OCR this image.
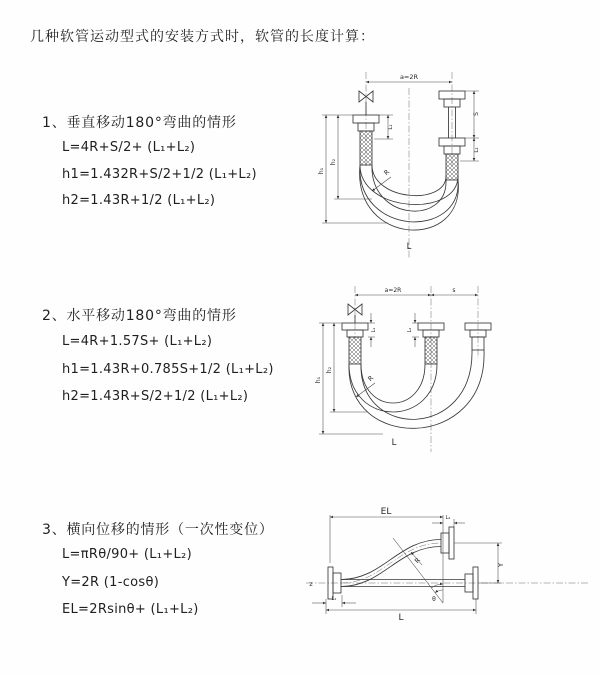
几种软管运动型式的安装方式时，软管的长度计算：
1、垂直移动180°弯曲的情形
L=4R+S/2+ (L₁+L₂)
h1=1.432R+S/2+1/2 (L₁+L₂)
h2=1.43R+1/2 (L₁+L₂)
2、水平移动180°弯曲的情形
L=4R+1.57S+ (L₁+L₂)
h1=1.43R+0.785S+1/2 (L₁+L₂)
h2=1.43R+S/2+1/2 (L₁+L₂)
3、横向位移的情形（一次性变位）
L=πRθ/90+ (L₁+L₂)
Y=2R (1-cosθ)
EL=2Rsinθ+ (L₁+L₂)
a=2R
L₁
S
L₂
h₁
h₂
R
L
a=2R	s
L₁	L₂
h₁
h₂
R
L
EL
L₂
Y
z
L₁
L
R
θ
